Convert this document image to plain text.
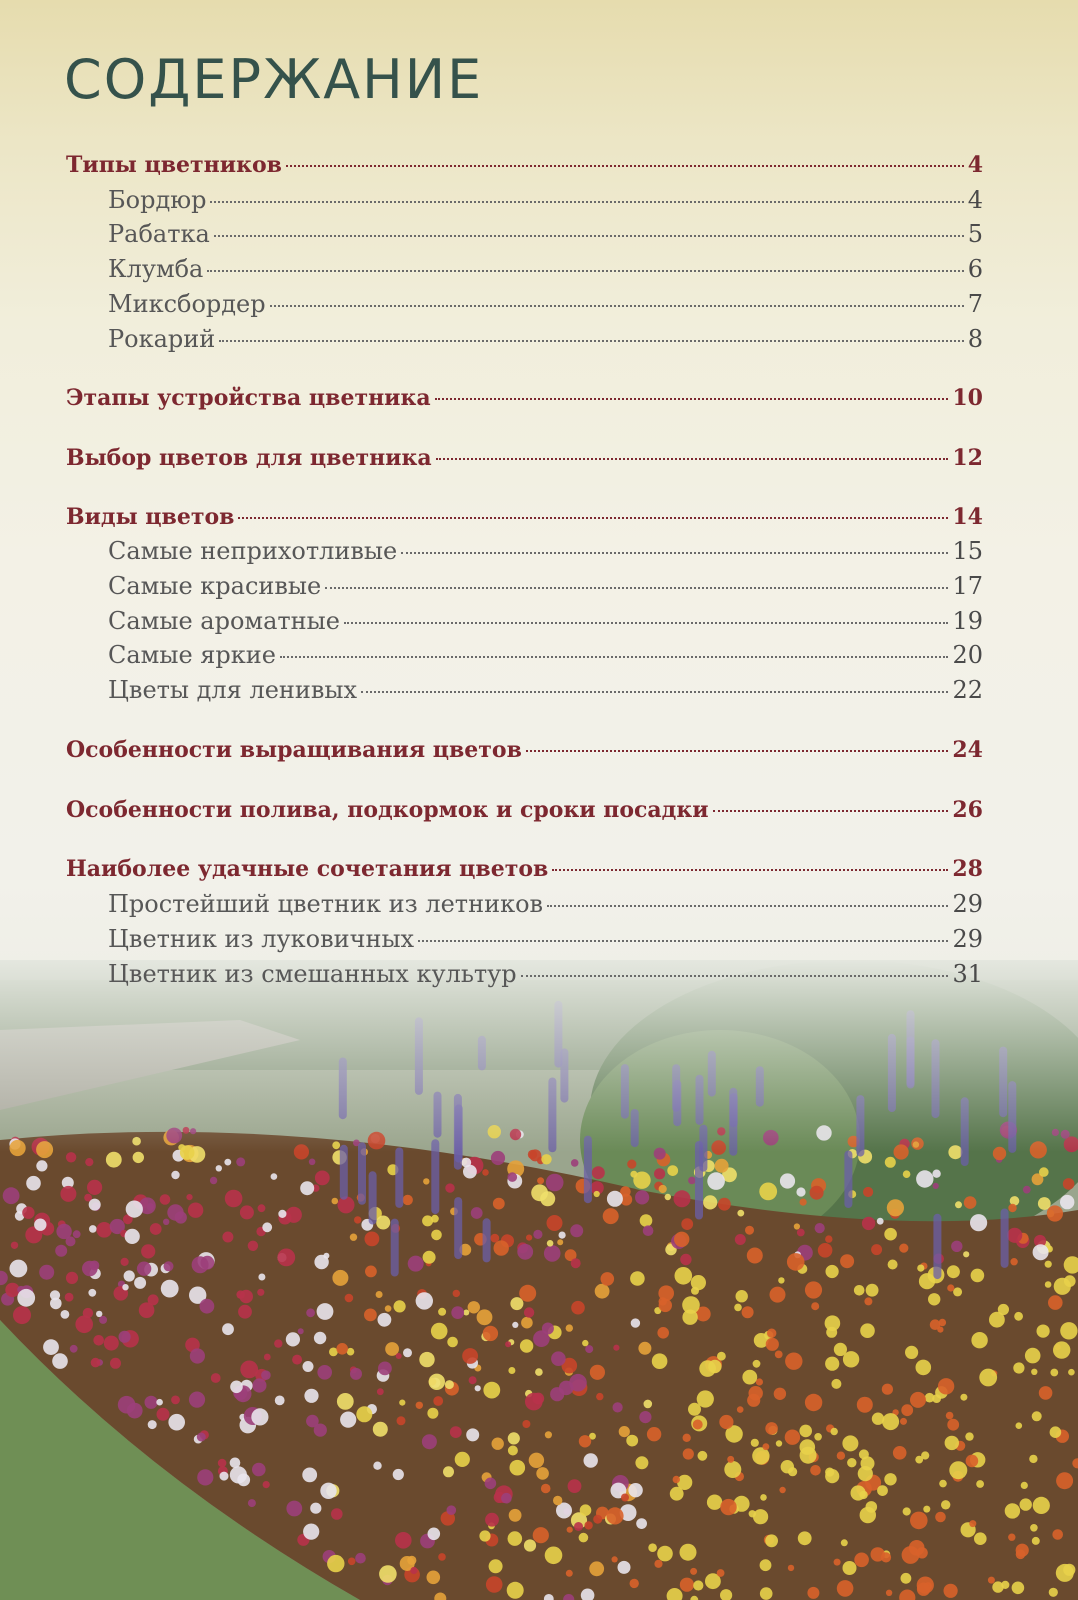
СОДЕРЖАНИЕ
Типы цветников	4
Бордюр	4
Рабатка	5
Клумба	6
Миксбордер	7
Рокарий	8
Этапы устройства цветника	10
Выбор цветов для цветника	12
Виды цветов	14
Самые неприхотливые	15
Самые красивые	17
Самые ароматные	19
Самые яркие	20
Цветы для ленивых	22
Особенности выращивания цветов	24
Особенности полива, подкормок и сроки посадки	26
Наиболее удачные сочетания цветов	28
Простейший цветник из летников	29
Цветник из луковичных	29
Цветник из смешанных культур	31
